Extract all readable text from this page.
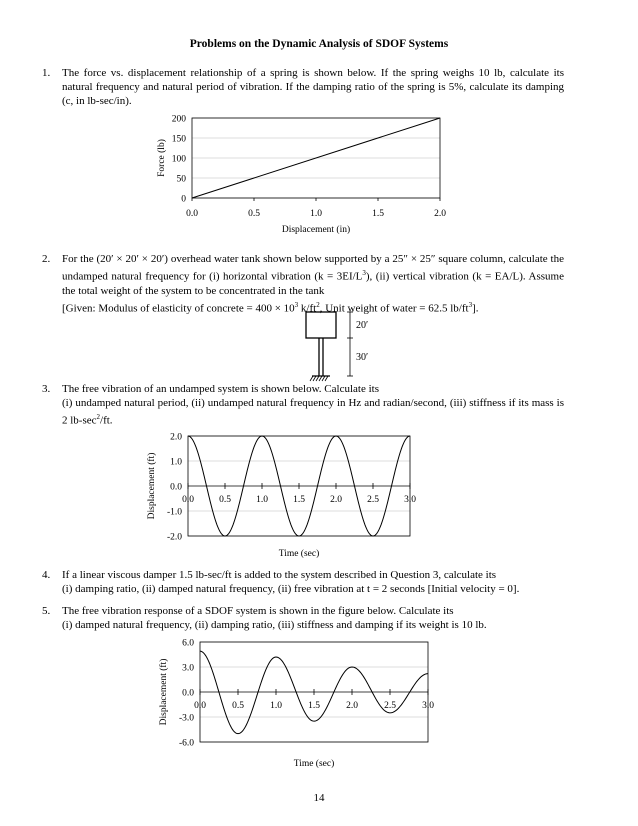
Problems on the Dynamic Analysis of SDOF Systems
1. The force vs. displacement relationship of a spring is shown below. If the spring weighs 10 lb, calculate its natural frequency and natural period of vibration. If the damping ratio of the spring is 5%, calculate its damping (c, in lb-sec/in).

0
50
100
150
200
0.0	0.5	1.0	1.5	2.0
Displacement (in)
Force (lb)
2. For the (20′ × 20′ × 20′) overhead water tank shown below supported by a 25″ × 25″ square column, calculate the undamped natural frequency for (i) horizontal vibration $(k = 3EI/L^3)$, (ii) vertical vibration (k = EA/L). Assume the total weight of the system to be concentrated in the tank

[Given: Modulus of elasticity of concrete = $400 \times 10^3$ $k/ft^2$, Unit weight of water = 62.5 $lb/ft^3$].

20′
30′
3. The free vibration of an undamped system is shown below. Calculate its

(i) undamped natural period, (ii) undamped natural frequency in Hz and radian/second, (iii) stiffness if its mass is 2 $lb-\sec^2/ft$.

-2.0
-1.0
0.0
1.0
2.0
0.0	0.5	1.0	1.5	2.0	2.5	3.0
Time (sec)
Displacement (ft)
4. If a linear viscous damper 1.5 lb-sec/ft is added to the system described in Question 3, calculate its

(i) damping ratio, (ii) damped natural frequency, (ii) free vibration at t = 2 seconds [Initial velocity = 0].

5. The free vibration response of a SDOF system is shown in the figure below. Calculate its

(i) damped natural frequency, (ii) damping ratio, (iii) stiffness and damping if its weight is 10 lb.

-6.0
-3.0
0.0
3.0
6.0
0.0	0.5	1.0	1.5	2.0	2.5	3.0
Time (sec)
Displacement (ft)
14
